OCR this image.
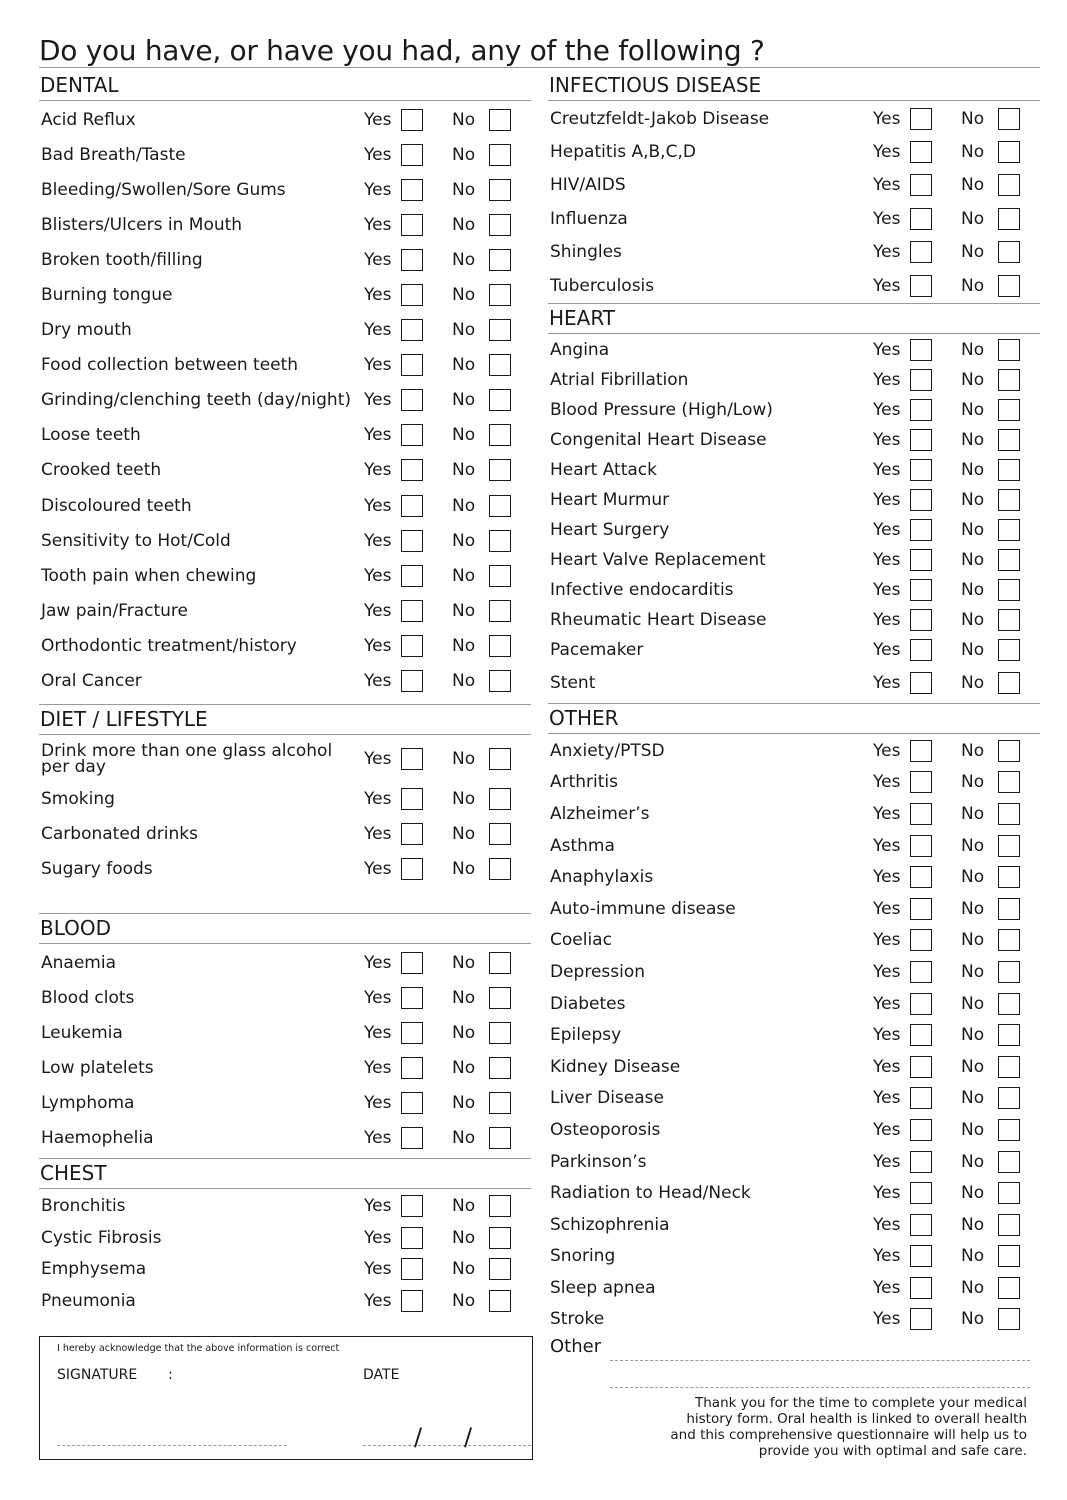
Do you have, or have you had, any of the following ?
DENTAL
Acid Reflux	Yes	No
Bad Breath/Taste	Yes	No
Bleeding/Swollen/Sore Gums	Yes	No
Blisters/Ulcers in Mouth	Yes	No
Broken tooth/filling	Yes	No
Burning tongue	Yes	No
Dry mouth	Yes	No
Food collection between teeth	Yes	No
Grinding/clenching teeth (day/night) Yes	No
Loose teeth	Yes	No
Crooked teeth	Yes	No
Discoloured teeth	Yes	No
Sensitivity to Hot/Cold	Yes	No
Tooth pain when chewing	Yes	No
Jaw pain/Fracture	Yes	No
Orthodontic treatment/history	Yes	No
Oral Cancer	Yes	No
DIET / LIFESTYLE
Drink more than one glass alcohol per day	Yes	No
Smoking	Yes	No
Carbonated drinks	Yes	No
Sugary foods	Yes	No
BLOOD
Anaemia	Yes	No
Blood clots	Yes	No
Leukemia	Yes	No
Low platelets	Yes	No
Lymphoma	Yes	No
Haemophelia	Yes	No
CHEST
Bronchitis	Yes	No
Cystic Fibrosis	Yes	No
Emphysema	Yes	No
Pneumonia	Yes	No
INFECTIOUS DISEASE
Creutzfeldt-Jakob Disease	Yes	No
Hepatitis A,B,C,D	Yes	No
HIV/AIDS	Yes	No
Influenza	Yes	No
Shingles	Yes	No
Tuberculosis	Yes	No
HEART
Angina	Yes	No
Atrial Fibrillation	Yes	No
Blood Pressure (High/Low)	Yes	No
Congenital Heart Disease	Yes	No
Heart Attack	Yes	No
Heart Murmur	Yes	No
Heart Surgery	Yes	No
Heart Valve Replacement	Yes	No
Infective endocarditis	Yes	No
Rheumatic Heart Disease	Yes	No
Pacemaker	Yes	No
Stent	Yes	No
OTHER
Anxiety/PTSD	Yes	No
Arthritis	Yes	No
Alzheimer’s	Yes	No
Asthma	Yes	No
Anaphylaxis	Yes	No
Auto-immune disease	Yes	No
Coeliac	Yes	No
Depression	Yes	No
Diabetes	Yes	No
Epilepsy	Yes	No
Kidney Disease	Yes	No
Liver Disease	Yes	No
Osteoporosis	Yes	No
Parkinson’s	Yes	No
Radiation to Head/Neck	Yes	No
Schizophrenia	Yes	No
Snoring	Yes	No
Sleep apnea	Yes	No
Stroke	Yes	No
I hereby acknowledge that the above information is correct
SIGNATURE :	DATE
/ /
Other
Thank you for the time to complete your medical history form. Oral health is linked to overall health and this comprehensive questionnaire will help us to provide you with optimal and safe care.
